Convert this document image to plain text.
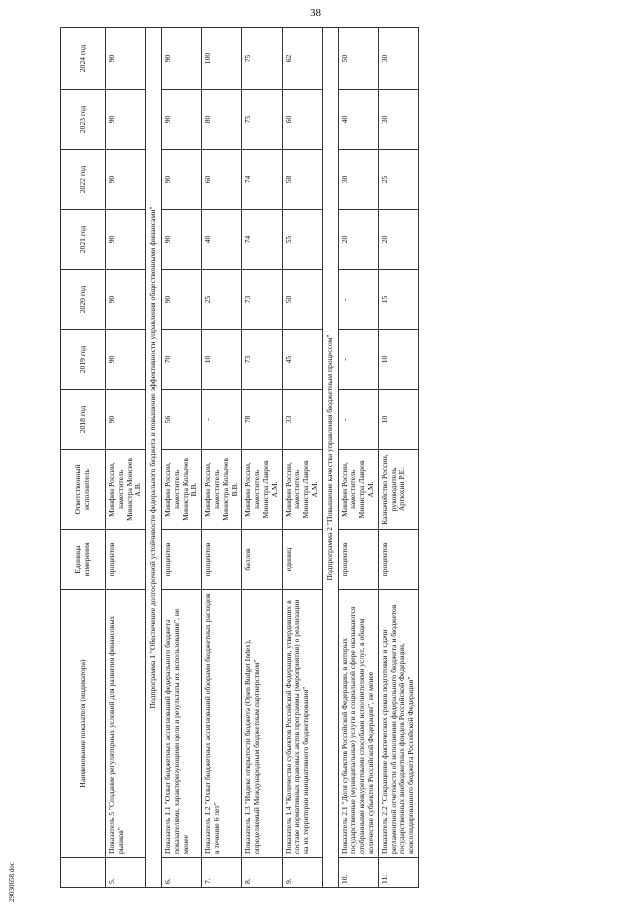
38
	Наименование показателя (индикатора)	Единица измерения	Ответственный исполнитель	2018 год	2019 год	2020 год	2021 год	2022 год	2023 год	2024 год
5.	Показатель 5 "Создание регуляторных условий для развития финансовых рынков"	процентов	Минфин России, заместитель Министра Моисеев А.В.	90	90	90	90	90	90	90
Подпрограмма 1 "Обеспечение долгосрочной устойчивости федерального бюджета и повышение эффективности управления общественными финансами"										
6.	Показатель 1.1 "Охват бюджетных ассигнований федерального бюджета показателями, характеризующими цели и результаты их использования", не менее	процентов	Минфин России, заместитель Министра Колычев В.В.	56	70	90	90	90	90	90
7.	Показатель 1.2 "Охват бюджетных ассигнований обзорами бюджетных расходов в течение 6 лет"	процентов	Минфин России, заместитель Министра Колычев В.В.	-	10	25	40	60	80	100
8.	Показатель 1.3 "Индекс открытости бюджета (Open Budget Index), определяемый Международным бюджетным партнерством"	баллов	Минфин России, заместитель Министра Лавров А.М.	78	73	73	74	74	75	75
9.	Показатель 1.4 "Количество субъектов Российской Федерации, утвердивших в составе нормативных правовых актов программы (мероприятия) о реализации на их территории инициативного бюджетирования"	единиц	Минфин России, заместитель Министра Лавров А.М.	33	45	50	55	58	60	62
Подпрограмма 2 "Повышение качества управления бюджетным процессом"										
10.	Показатель 2.1 "Доля субъектов Российской Федерации, в которых государственные (муниципальные) услуги в социальной сфере оказываются отобранными конкурентными способами исполнителями услуг, в общем количестве субъектов Российской Федерации", не менее	процентов	Минфин России, заместитель Министра Лавров А.М.	-	-	-	20	30	40	50
11.	Показатель 2.2 "Сокращение фактических сроков подготовки и сдачи регламентной отчетности об исполнении федерального бюджета и бюджетов государственных внебюджетных фондов Российской Федерации, консолидированного бюджета Российской Федерации"	процентов	Казначейство России, руководитель Артюхин Р.Е.	10	10	15	20	25	30	30
29030658.doc
